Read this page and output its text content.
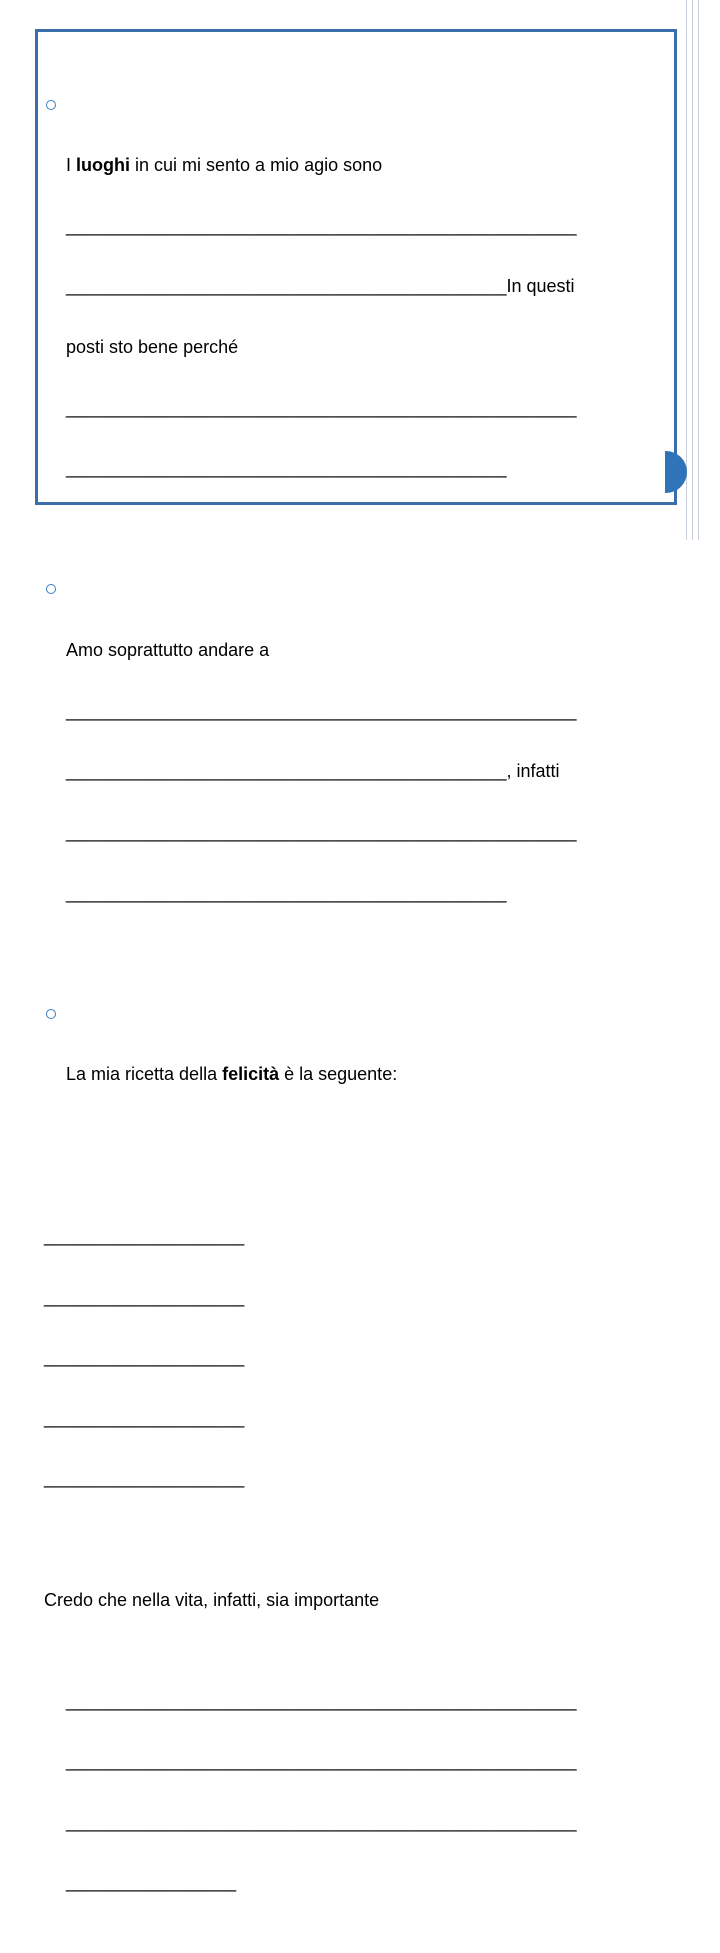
I luoghi in cui mi sento a mio agio sono

___________________________________________________

____________________________________________In questi

posti sto bene perché

___________________________________________________

____________________________________________

Amo soprattutto andare a

___________________________________________________

____________________________________________, infatti

___________________________________________________

____________________________________________

La mia ricetta della felicità è la seguente:

____________________

____________________

____________________

____________________

____________________

Credo che nella vita, infatti, sia importante

___________________________________________________

___________________________________________________

___________________________________________________

_________________
